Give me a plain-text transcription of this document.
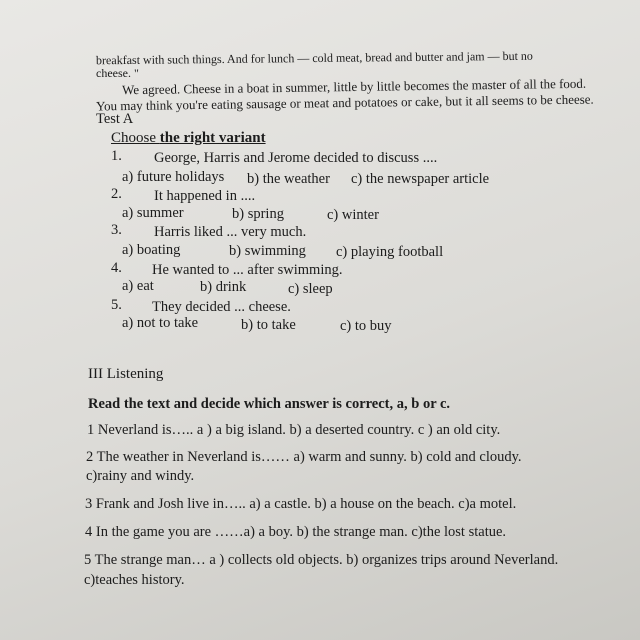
breakfast with such things. And for lunch — cold meat, bread and butter and jam — but no
cheese. "
We agreed. Cheese in a boat in summer, little by little becomes the master of all the food.
You may think you're eating sausage or meat and potatoes or cake, but it all seems to be cheese.
Test A
Choose the right variant
1. George, Harris and Jerome decided to discuss ....
a) future holidays b) the weather c) the newspaper article
2. It happened in ....
a) summer	b) spring	c) winter
3. Harris liked ... very much.
a) boating	b) swimming c) playing football
4. He wanted to ... after swimming.
a) eat	b) drink	c) sleep
5. They decided ... cheese.
a) not to take	b) to take	c) to buy
III Listening
Read the text and decide which answer is correct, a, b or c.
1 Neverland is….. a ) a big island. b) a deserted country. c ) an old city.
2 The weather in Neverland is…… a) warm and sunny. b) cold and cloudy.
c)rainy and windy.
3 Frank and Josh live in….. a) a castle. b) a house on the beach. c)a motel.
4 In the game you are ……a) a boy. b) the strange man. c)the lost statue.
5 The strange man… a ) collects old objects. b) organizes trips around Neverland.
c)teaches history.
